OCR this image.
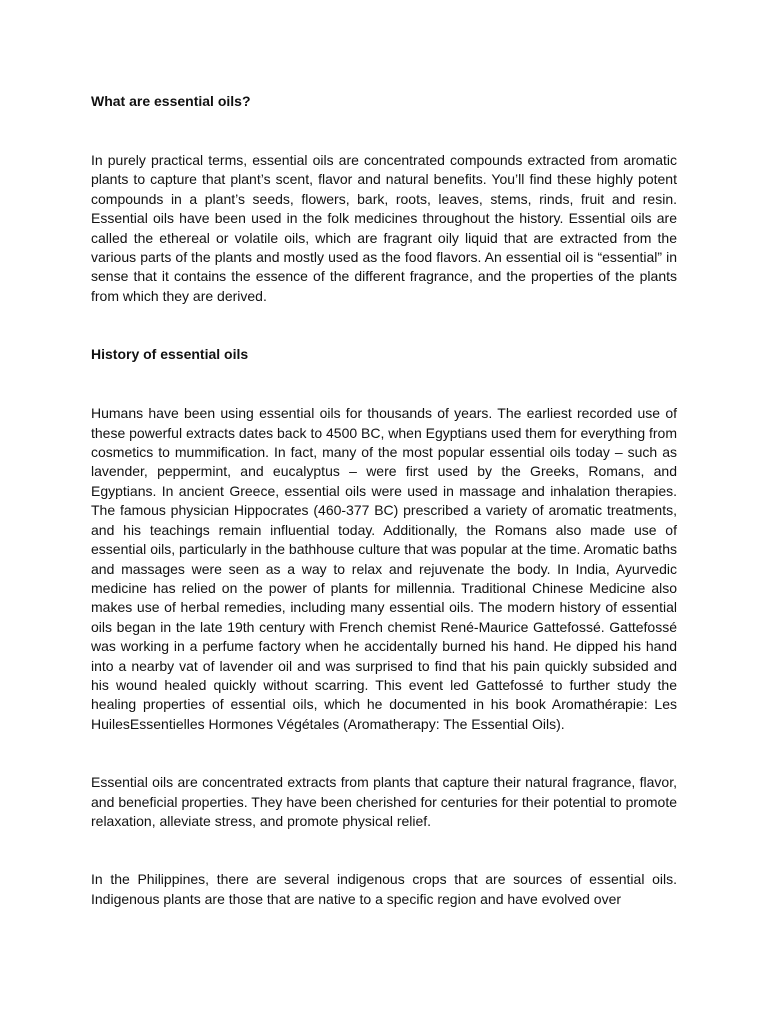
What are essential oils?

In purely practical terms, essential oils are concentrated compounds extracted from aromatic plants to capture that plant’s scent, flavor and natural benefits. You’ll find these highly potent compounds in a plant’s seeds, flowers, bark, roots, leaves, stems, rinds, fruit and resin. Essential oils have been used in the folk medicines throughout the history. Essential oils are called the ethereal or volatile oils, which are fragrant oily liquid that are extracted from the various parts of the plants and mostly used as the food flavors. An essential oil is “essential” in sense that it contains the essence of the different fragrance, and the properties of the plants from which they are derived.

History of essential oils

Humans have been using essential oils for thousands of years. The earliest recorded use of these powerful extracts dates back to 4500 BC, when Egyptians used them for everything from cosmetics to mummification. In fact, many of the most popular essential oils today – such as lavender, peppermint, and eucalyptus – were first used by the Greeks, Romans, and Egyptians. In ancient Greece, essential oils were used in massage and inhalation therapies. The famous physician Hippocrates (460-377 BC) prescribed a variety of aromatic treatments, and his teachings remain influential today. Additionally, the Romans also made use of essential oils, particularly in the bathhouse culture that was popular at the time. Aromatic baths and massages were seen as a way to relax and rejuvenate the body. In India, Ayurvedic medicine has relied on the power of plants for millennia. Traditional Chinese Medicine also makes use of herbal remedies, including many essential oils. The modern history of essential oils began in the late 19th century with French chemist René-Maurice Gattefossé. Gattefossé was working in a perfume factory when he accidentally burned his hand. He dipped his hand into a nearby vat of lavender oil and was surprised to find that his pain quickly subsided and his wound healed quickly without scarring. This event led Gattefossé to further study the healing properties of essential oils, which he documented in his book Aromathérapie: Les HuilesEssentielles Hormones Végétales (Aromatherapy: The Essential Oils).

Essential oils are concentrated extracts from plants that capture their natural fragrance, flavor, and beneficial properties. They have been cherished for centuries for their potential to promote relaxation, alleviate stress, and promote physical relief.

In the Philippines, there are several indigenous crops that are sources of essential oils. Indigenous plants are those that are native to a specific region and have evolved over
